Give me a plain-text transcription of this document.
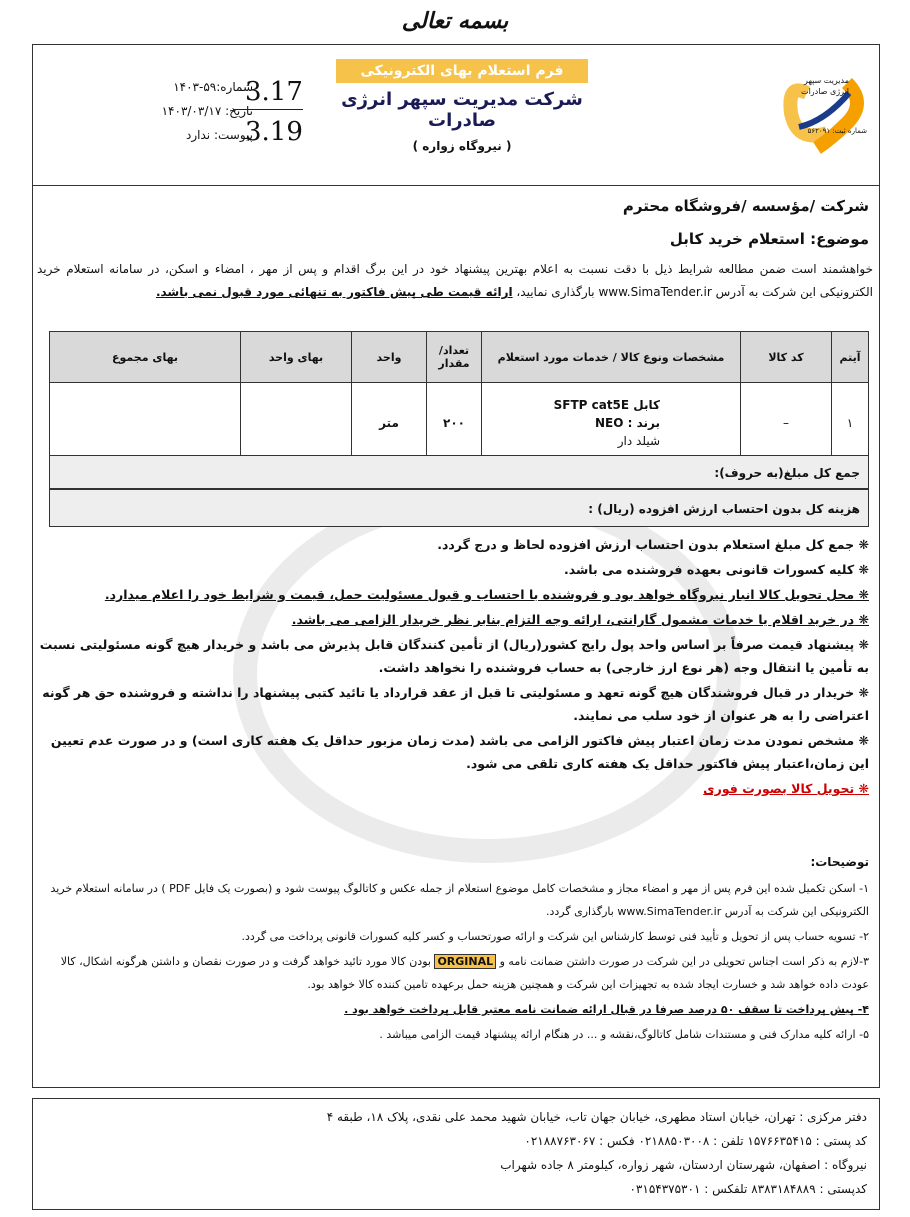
بسمه تعالی
مدیریت سپهر انرژی صادرات
شماره ثبت: ۵۶۲۰۹۱
فرم استعلام بهای الکترونیکی
شرکت مدیریت سپهر انرژی صادرات
( نیروگاه زواره )
شماره:۵۹-۱۴۰۳
تاریخ: ۱۴۰۳/۰۳/۱۷
پیوست: ندارد
3.17
3.19
شرکت /مؤسسه /فروشگاه محترم
موضوع: استعلام خرید کابل
خواهشمند است ضمن مطالعه شرایط ذیل با دقت نسبت به اعلام بهترین پیشنهاد خود در این برگ اقدام و پس از مهر ، امضاء و اسکن، در سامانه استعلام خرید الکترونیکی این شرکت به آدرس www.SimaTender.ir بارگذاری نمایید، ارائه قیمت طی پیش فاکتور به تنهائی مورد قبول نمی باشد.
آیتم	کد کالا	مشخصات ونوع کالا / خدمات مورد استعلام	تعداد/ مقدار	واحد	بهای واحد	بهای مجموع
۱	–	کابل SFTP cat5E
برند : NEO
شیلد دار	۲۰۰	متر		
جمع کل مبلغ(به حروف):
هزینه کل بدون احتساب ارزش افزوده (ریال) :
❋ جمع کل مبلغ استعلام بدون احتساب ارزش افزوده لحاظ و درج گردد.
❋ کلیه کسورات قانونی بعهده فروشنده می باشد.
❋ محل تحویل کالا انبار نیروگاه خواهد بود و فروشنده با احتساب و قبول مسئولیت حمل، قیمت و شرایط خود را اعلام میدارد.
❋ در خرید اقلام یا خدمات مشمول گارانتی، ارائه وجه التزام بنابر نظر خریدار الزامی می باشد.
❋ پیشنهاد قیمت صرفاً بر اساس واحد پول رایج کشور(ریال) از تأمین کنندگان قابل پذیرش می باشد و خریدار هیچ گونه مسئولیتی نسبت به تأمین یا انتقال وجه (هر نوع ارز خارجی) به حساب فروشنده را نخواهد داشت.
❋ خریدار در قبال فروشندگان هیچ گونه تعهد و مسئولیتی تا قبل از عقد قرارداد یا تائید کتبی پیشنهاد را نداشته و فروشنده حق هر گونه اعتراضی را به هر عنوان از خود سلب می نمایند.
❋ مشخص نمودن مدت زمان اعتبار پیش فاکتور الزامی می باشد (مدت زمان مزبور حداقل یک هفته کاری است) و در صورت عدم تعیین این زمان،اعتبار پیش فاکتور حداقل یک هفته کاری تلقی می شود.
❋ تحویل کالا بصورت فوری
توضیحات:
۱- اسکن تکمیل شده این فرم پس از مهر و امضاء مجاز و مشخصات کامل موضوع استعلام از جمله عکس و کاتالوگ پیوست شود و (بصورت یک فایل PDF ) در سامانه استعلام خرید الکترونیکی این شرکت به آدرس www.SimaTender.ir بارگذاری گردد.
۲- تسویه حساب پس از تحویل و تأیید فنی توسط کارشناس این شرکت و ارائه صورتحساب و کسر کلیه کسورات قانونی پرداخت می گردد.
۳-لازم به ذکر است اجناس تحویلی در این شرکت در صورت داشتن ضمانت نامه و ORGINAL بودن کالا مورد تائید خواهد گرفت و در صورت نقصان و داشتن هرگونه اشکال، کالا عودت داده خواهد شد و خسارت ایجاد شده به تجهیزات این شرکت و همچنین هزینه حمل برعهده تامین کننده کالا خواهد بود.
۴- پیش پرداخت تا سقف ۵۰ درصد صرفا در قبال ارائه ضمانت نامه معتبر قابل پرداخت خواهد بود .
۵- ارائه کلیه مدارک فنی و مستندات شامل کاتالوگ،نقشه و ... در هنگام ارائه پیشنهاد قیمت الزامی میباشد .
دفتر مرکزی : تهران، خیابان استاد مطهری، خیابان جهان تاب، خیابان شهید محمد علی نقدی، پلاک ۱۸، طبقه ۴
کد پستی : ۱۵۷۶۶۳۵۴۱۵ تلفن : ۰۲۱۸۸۵۰۳۰۰۸ فکس : ۰۲۱۸۸۷۶۳۰۶۷
نیروگاه : اصفهان، شهرستان اردستان، شهر زواره، کیلومتر ۸ جاده شهراب
کدپستی : ۸۳۸۳۱۸۴۸۸۹ تلفکس : ۰۳۱۵۴۳۷۵۳۰۱
